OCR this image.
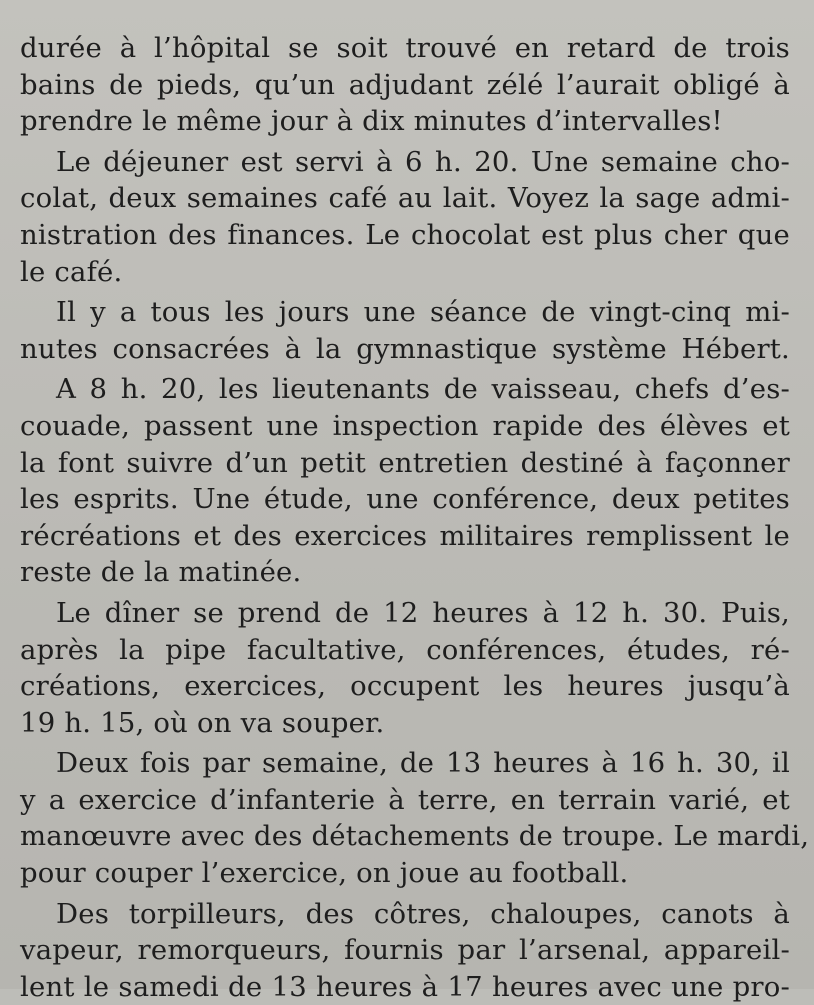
durée à l’hôpital se soit trouvé en retard de trois
bains de pieds, qu’un adjudant zélé l’aurait obligé à
prendre le même jour à dix minutes d’intervalles!
Le déjeuner est servi à 6 h. 20. Une semaine cho-
colat, deux semaines café au lait. Voyez la sage admi-
nistration des finances. Le chocolat est plus cher que
le café.
Il y a tous les jours une séance de vingt-cinq mi-
nutes consacrées à la gymnastique système Hébert.
A 8 h. 20, les lieutenants de vaisseau, chefs d’es-
couade, passent une inspection rapide des élèves et
la font suivre d’un petit entretien destiné à façonner
les esprits. Une étude, une conférence, deux petites
récréations et des exercices militaires remplissent le
reste de la matinée.
Le dîner se prend de 12 heures à 12 h. 30. Puis,
après la pipe facultative, conférences, études, ré-
créations, exercices, occupent les heures jusqu’à
19 h. 15, où on va souper.
Deux fois par semaine, de 13 heures à 16 h. 30, il
y a exercice d’infanterie à terre, en terrain varié, et
manœuvre avec des détachements de troupe. Le mardi,
pour couper l’exercice, on joue au football.
Des torpilleurs, des côtres, chaloupes, canots à
vapeur, remorqueurs, fournis par l’arsenal, appareil-
lent le samedi de 13 heures à 17 heures avec une pro-
